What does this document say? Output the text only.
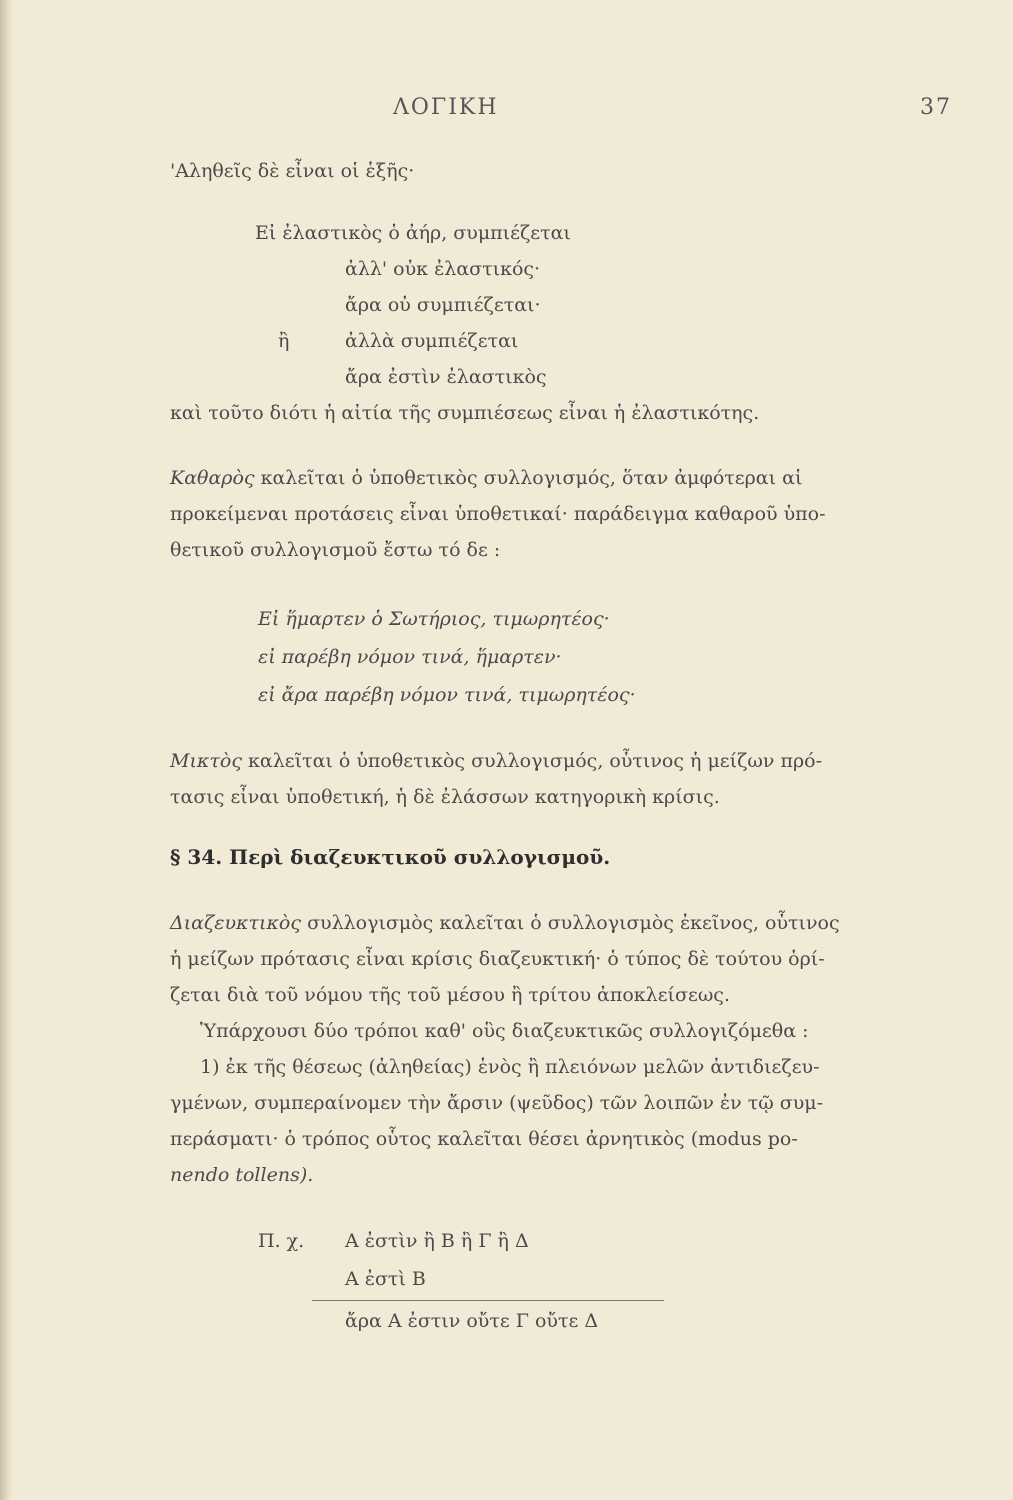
ΛΟΓΙΚΗ	37
'Αληθεῖς δὲ εἶναι οἱ ἑξῆς·
Εἰ ἐλαστικὸς ὁ ἀήρ, συμπιέζεται
ἀλλ' οὐκ ἐλαστικός·
ἄρα οὐ συμπιέζεται·
ἢ	ἀλλὰ συμπιέζεται
ἄρα ἐστὶν ἐλαστικὸς
καὶ τοῦτο διότι ἡ αἰτία τῆς συμπιέσεως εἶναι ἡ ἐλαστικότης.
Καθαρὸς καλεῖται ὁ ὑποθετικὸς συλλογισμός, ὅταν ἀμφότεραι αἱ
προκείμεναι προτάσεις εἶναι ὑποθετικαί· παράδειγμα καθαροῦ ὑπο-
θετικοῦ συλλογισμοῦ ἔστω τό δε :
Εἰ ἥμαρτεν ὁ Σωτήριος, τιμωρητέος·
εἰ παρέβη νόμον τινά, ἥμαρτεν·
εἰ ἄρα παρέβη νόμον τινά, τιμωρητέος·
Μικτὸς καλεῖται ὁ ὑποθετικὸς συλλογισμός, οὗτινος ἡ μείζων πρό-
τασις εἶναι ὑποθετική, ἡ δὲ ἐλάσσων κατηγορικὴ κρίσις.
§ 34. Περὶ διαζευκτικοῦ συλλογισμοῦ.
Διαζευκτικὸς συλλογισμὸς καλεῖται ὁ συλλογισμὸς ἐκεῖνος, οὗτινος
ἡ μείζων πρότασις εἶναι κρίσις διαζευκτική· ὁ τύπος δὲ τούτου ὁρί-
ζεται διὰ τοῦ νόμου τῆς τοῦ μέσου ἢ τρίτου ἀποκλείσεως.
Ὑπάρχουσι δύο τρόποι καθ' οὓς διαζευκτικῶς συλλογιζόμεθα :
1) ἐκ τῆς θέσεως (ἀληθείας) ἑνὸς ἢ πλειόνων μελῶν ἀντιδιεζευ-
γμένων, συμπεραίνομεν τὴν ἄρσιν (ψεῦδος) τῶν λοιπῶν ἐν τῷ συμ-
περάσματι· ὁ τρόπος οὗτος καλεῖται θέσει ἀρνητικὸς (modus po-
nendo tollens).
Π. χ. Α ἐστὶν ἢ Β ἢ Γ ἢ Δ
Α ἐστὶ Β
ἄρα Α ἐστιν οὔτε Γ οὔτε Δ
